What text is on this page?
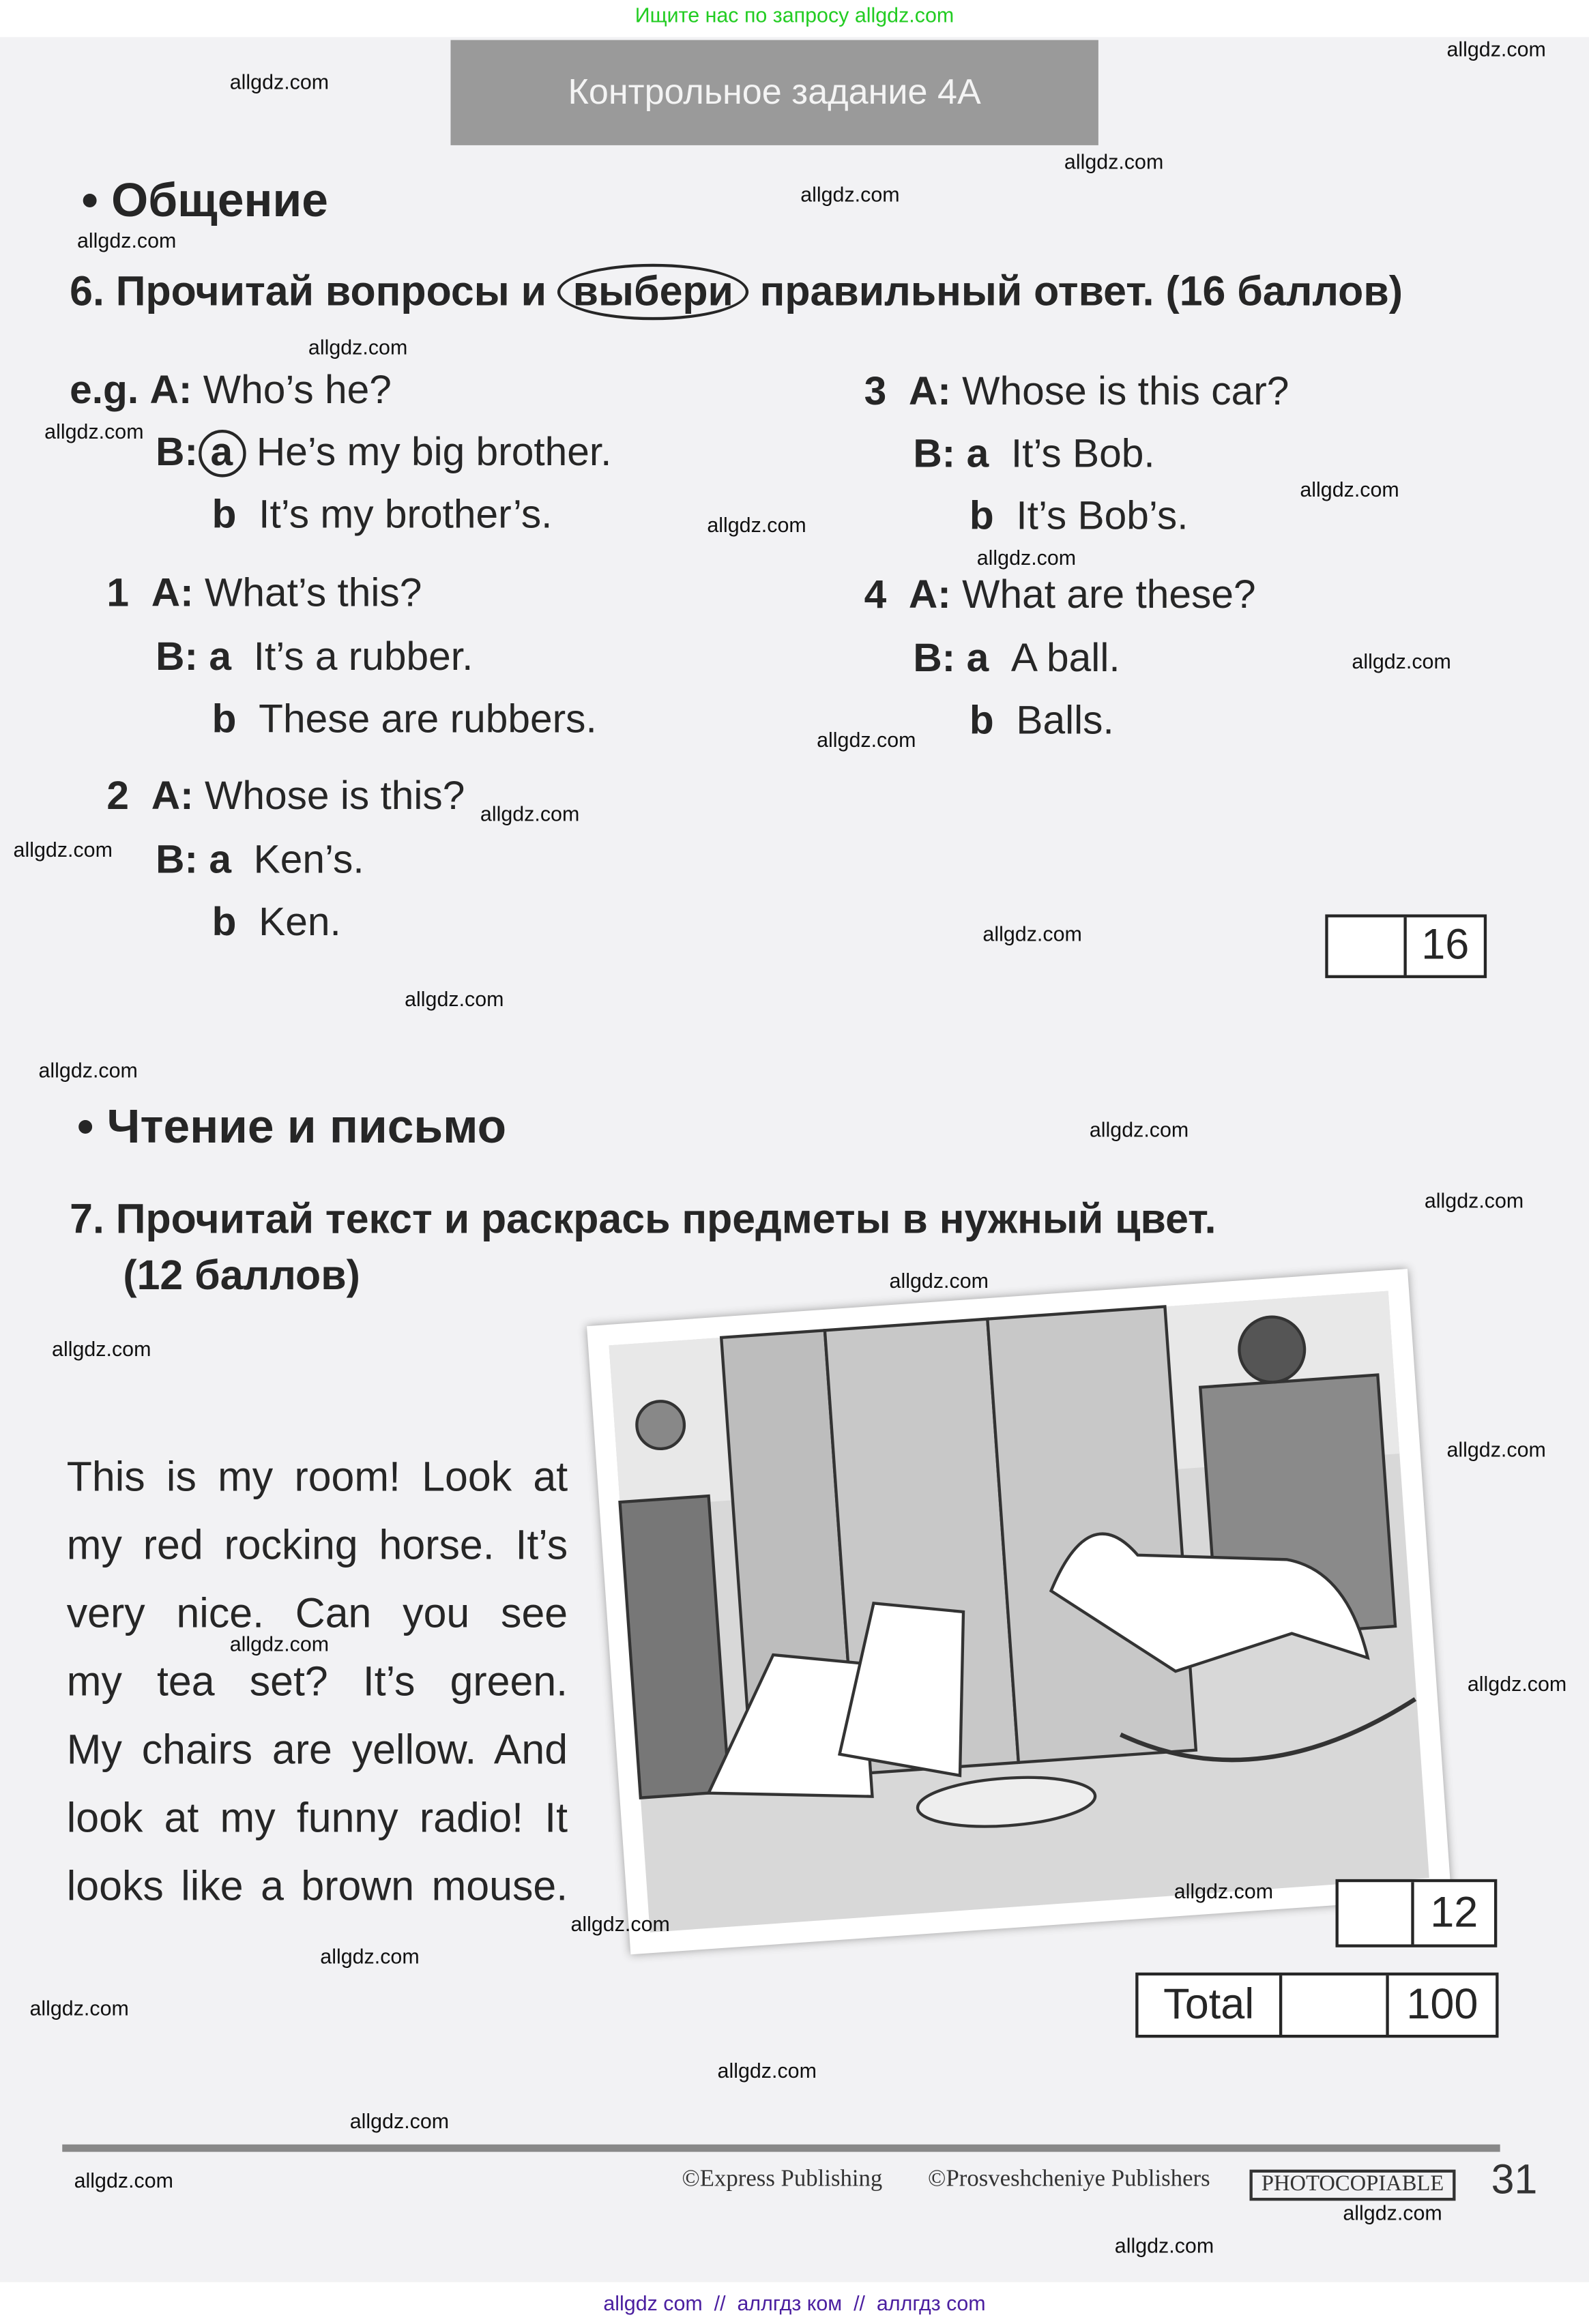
Ищите нас по запросу allgdz.com
Контрольное задание 4A
• Общение
6. Прочитай вопросы и выбери правильный ответ. (16 баллов)
e.g. A: Who’s he?
B: a He’s my big brother.
b It’s my brother’s.
1 A: What’s this?
B: a It’s a rubber.
b These are rubbers.
2 A: Whose is this?
B: a Ken’s.
b Ken.
3 A: Whose is this car?
B: a It’s Bob.
b It’s Bob’s.
4 A: What are these?
B: a A ball.
b Balls.
16
• Чтение и письмо
7. Прочитай текст и раскрась предметы в нужный цвет.
(12 баллов)
This is my room! Look at
my red rocking horse. It’s
very nice. Can you see
my tea set? It’s green.
My chairs are yellow. And
look at my funny radio! It
looks like a brown mouse.
12
Total	100
©Express Publishing	©Prosveshcheniye Publishers	PHOTOCOPIABLE	31
allgdz com  //  аллгдз ком  //  аллгдз com
allgdz.com
allgdz.com
allgdz.com
allgdz.com
allgdz.com
allgdz.com
allgdz.com
allgdz.com
allgdz.com
allgdz.com
allgdz.com
allgdz.com
allgdz.com
allgdz.com
allgdz.com
allgdz.com
allgdz.com
allgdz.com
allgdz.com
allgdz.com
allgdz.com
allgdz.com
allgdz.com
allgdz.com
allgdz.com
allgdz.com
allgdz.com
allgdz.com
allgdz.com
allgdz.com
allgdz.com
allgdz.com
allgdz.com
